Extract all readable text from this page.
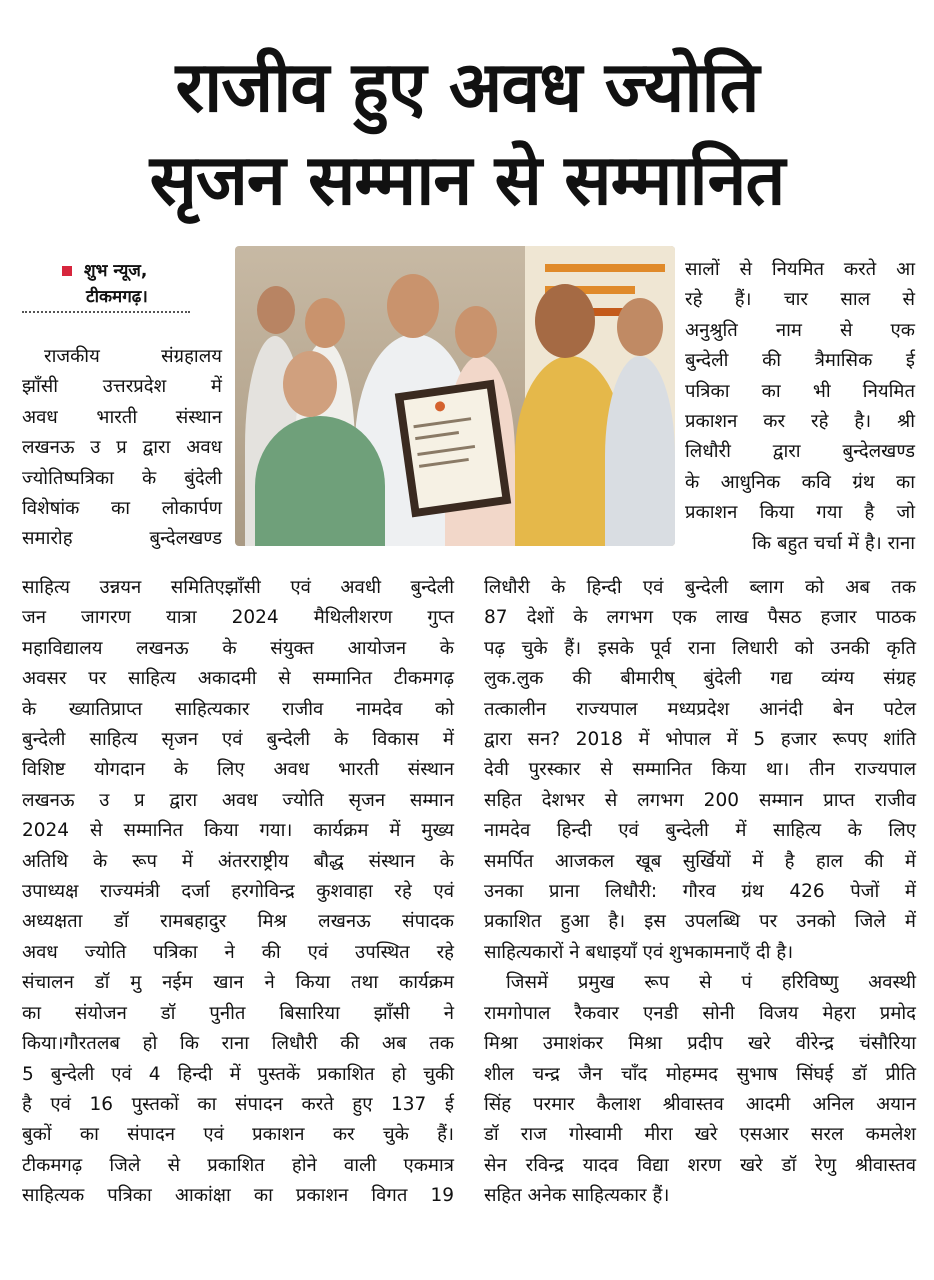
राजीव हुए अवध ज्योति
सृजन सम्मान से सम्मानित
शुभ न्यूज,
टीकमगढ़।

राजकीय संग्रहालय

झाँसी उत्तरप्रदेश में

अवध भारती संस्थान

लखनऊ उ प्र द्वारा अवध

ज्योतिष्पत्रिका के बुंदेली

विशेषांक का लोकार्पण

समारोह बुन्देलखण्ड

सालों से नियमित करते आ

रहे हैं। चार साल से

अनुश्रुति नाम से एक

बुन्देली की त्रैमासिक ई

पत्रिका का भी नियमित

प्रकाशन कर रहे है। श्री

लिधौरी द्वारा बुन्देलखण्ड

के आधुनिक कवि ग्रंथ का

प्रकाशन किया गया है जो

कि बहुत चर्चा में है। राना

साहित्य उन्नयन समितिएझाँसी एवं अवधी बुन्देली

जन जागरण यात्रा 2024 मैथिलीशरण गुप्त

महाविद्यालय लखनऊ के संयुक्त आयोजन के

अवसर पर साहित्य अकादमी से सम्मानित टीकमगढ़

के ख्यातिप्राप्त साहित्यकार राजीव नामदेव को

बुन्देली साहित्य सृजन एवं बुन्देली के विकास में

विशिष्ट योगदान के लिए अवध भारती संस्थान

लखनऊ उ प्र द्वारा अवध ज्योति सृजन सम्मान

2024 से सम्मानित किया गया। कार्यक्रम में मुख्य

अतिथि के रूप में अंतरराष्ट्रीय बौद्ध संस्थान के

उपाध्यक्ष राज्यमंत्री दर्जा हरगोविन्द्र कुशवाहा रहे एवं

अध्यक्षता डॉ रामबहादुर मिश्र लखनऊ संपादक

अवध ज्योति पत्रिका ने की एवं उपस्थित रहे

संचालन डॉ मु नईम खान ने किया तथा कार्यक्रम

का संयोजन डॉ पुनीत बिसारिया झाँसी ने

किया।गौरतलब हो कि राना लिधौरी की अब तक

5 बुन्देली एवं 4 हिन्दी में पुस्तकें प्रकाशित हो चुकी

है एवं 16 पुस्तकों का संपादन करते हुए 137 ई

बुकों का संपादन एवं प्रकाशन कर चुके हैं।

टीकमगढ़ जिले से प्रकाशित होने वाली एकमात्र

साहित्यक पत्रिका आकांक्षा का प्रकाशन विगत 19

लिधौरी के हिन्दी एवं बुन्देली ब्लाग को अब तक

87 देशों के लगभग एक लाख पैसठ हजार पाठक

पढ़ चुके हैं। इसके पूर्व राना लिधारी को उनकी कृति

लुक.लुक की बीमारीष् बुंदेली गद्य व्यंग्य संग्रह

तत्कालीन राज्यपाल मध्यप्रदेश आनंदी बेन पटेल

द्वारा सन? 2018 में भोपाल में 5 हजार रूपए शांति

देवी पुरस्कार से सम्मानित किया था। तीन राज्यपाल

सहित देशभर से लगभग 200 सम्मान प्राप्त राजीव

नामदेव हिन्दी एवं बुन्देली में साहित्य के लिए

समर्पित आजकल खूब सुर्खियों में है हाल की में

उनका प्राना लिधौरी: गौरव ग्रंथ 426 पेजों में

प्रकाशित हुआ है। इस उपलब्धि पर उनको जिले में

साहित्यकारों ने बधाइयाँ एवं शुभकामनाएँ दी है।

जिसमें प्रमुख रूप से पं हरिविष्णु अवस्थी

रामगोपाल रैकवार एनडी सोनी विजय मेहरा प्रमोद

मिश्रा उमाशंकर मिश्रा प्रदीप खरे वीरेन्द्र चंसौरिया

शील चन्द्र जैन चाँद मोहम्मद सुभाष सिंघई डॉ प्रीति

सिंह परमार कैलाश श्रीवास्तव आदमी अनिल अयान

डॉ राज गोस्वामी मीरा खरे एसआर सरल कमलेश

सेन रविन्द्र यादव विद्या शरण खरे डॉ रेणु श्रीवास्तव

सहित अनेक साहित्यकार हैं।
